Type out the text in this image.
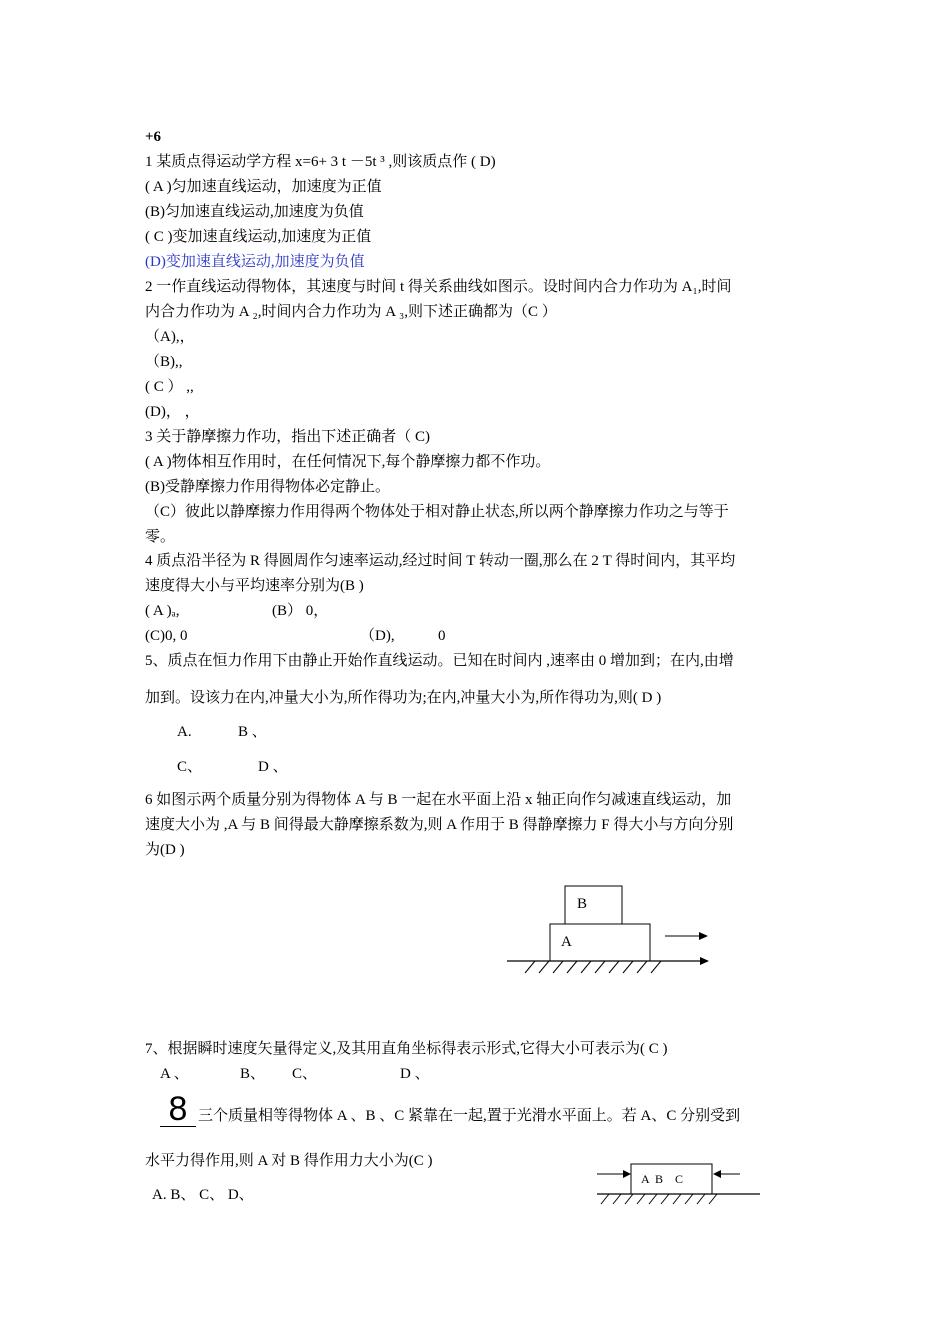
+6
1 某质点得运动学方程 x=6+ 3 t －5t ³ ,则该质点作 ( D)
( A )匀加速直线运动，加速度为正值
(B)匀加速直线运动,加速度为负值
( C )变加速直线运动,加速度为正值
(D)变加速直线运动,加速度为负值
2 一作直线运动得物体，其速度与时间 t 得关系曲线如图示。设时间内合力作功为 A₁,时间
内合力作功为 A ₂,时间内合力作功为 A ₃,则下述正确都为（C ）
（A),，
（B),,
( C ） ,,
(D)， ，
3 关于静摩擦力作功，指出下述正确者（ C)
( A )物体相互作用时，在任何情况下,每个静摩擦力都不作功。
(B)受静摩擦力作用得物体必定静止。
（C）彼此以静摩擦力作用得两个物体处于相对静止状态,所以两个静摩擦力作功之与等于
零。
4 质点沿半径为 R 得圆周作匀速率运动,经过时间 T 转动一圈,那么在 2 T 得时间内，其平均
速度得大小与平均速率分别为(B )
( A )ₐ,	(B） 0，
(C)0, 0	（D),	0
5、质点在恒力作用下由静止开始作直线运动。已知在时间内 ,速率由 0 增加到；在内,由增
加到。设该力在内,冲量大小为,所作得功为;在内,冲量大小为,所作得功为,则( D )
A.	B 、
C、	D 、
6 如图示两个质量分别为得物体 A 与 B 一起在水平面上沿 x 轴正向作匀减速直线运动，加
速度大小为 ,A 与 B 间得最大静摩擦系数为,则 A 作用于 B 得静摩擦力 F 得大小与方向分别
为(D )
B
A
7、根据瞬时速度矢量得定义,及其用直角坐标得表示形式,它得大小可表示为( C )
A 、	B、 C、	D 、
8 三个质量相等得物体 A 、B 、C 紧靠在一起,置于光滑水平面上。若 A、C 分别受到
水平力得作用,则 A 对 B 得作用力大小为(C )
A. B、 C、 D、
A B C
